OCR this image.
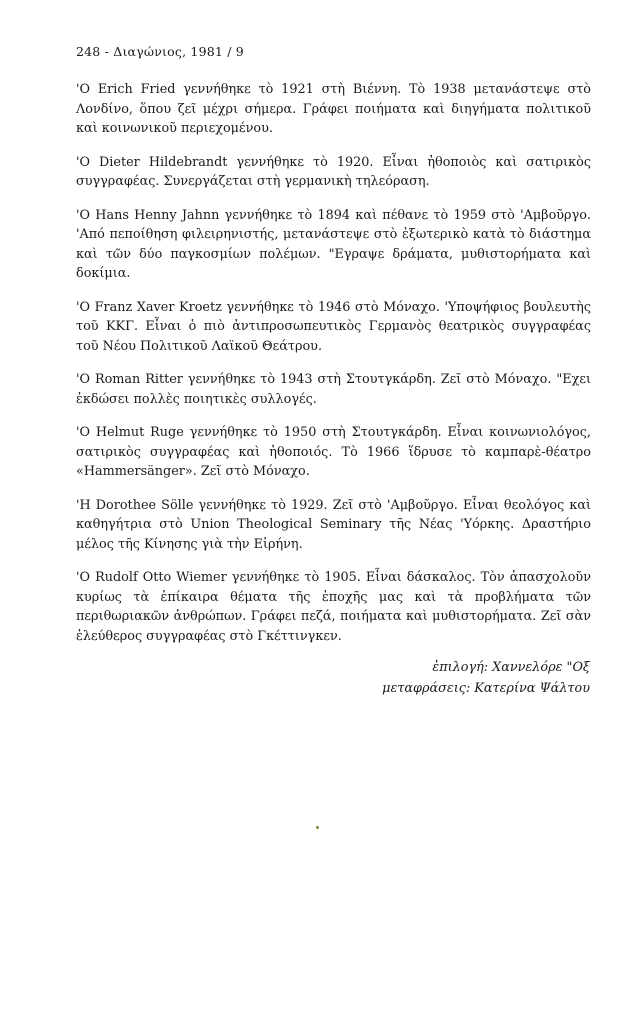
248 - Διαγώνιος, 1981 / 9

'Ο Erich Fried γεννήθηκε τὸ 1921 στὴ Βιέννη. Τὸ 1938 μετανάστεψε στὸ Λονδίνο, ὅπου ζεῖ μέχρι σήμερα. Γράφει ποιήματα καὶ διηγήματα πολιτικοῦ καὶ κοινωνικοῦ περιεχομένου.

'Ο Dieter Hildebrandt γεννήθηκε τὸ 1920. Εἶναι ἠθοποιὸς καὶ σατιρικὸς συγγραφέας. Συνεργάζεται στὴ γερμανικὴ τηλεόραση.

'Ο Hans Henny Jahnn γεννήθηκε τὸ 1894 καὶ πέθανε τὸ 1959 στὸ 'Αμβοῦργο. 'Από πεποίθηση φιλειρηνιστής, μετανάστεψε στὸ ἐξωτερικὸ κατὰ τὸ διάστημα καὶ τῶν δύο παγκοσμίων πολέμων. "Εγραψε δράματα, μυθιστορήματα καὶ δοκίμια.

'Ο Franz Xaver Kroetz γεννήθηκε τὸ 1946 στὸ Μόναχο. 'Υποψήφιος βουλευτὴς τοῦ ΚΚΓ. Εἶναι ὁ πιὸ ἀντιπροσωπευτικὸς Γερμανὸς θεατρικὸς συγγραφέας τοῦ Νέου Πολιτικοῦ Λαϊκοῦ Θεάτρου.

'Ο Roman Ritter γεννήθηκε τὸ 1943 στὴ Στουτγκάρδη. Ζεῖ στὸ Μόναχο. "Εχει ἐκδώσει πολλὲς ποιητικὲς συλλογές.

'Ο Helmut Ruge γεννήθηκε τὸ 1950 στὴ Στουτγκάρδη. Εἶναι κοινωνιολόγος, σατιρικὸς συγγραφέας καὶ ἠθοποιός. Τὸ 1966 ἵδρυσε τὸ καμπαρὲ-θέατρο «Hammersänger». Ζεῖ στὸ Μόναχο.

'Η Dorothee Sölle γεννήθηκε τὸ 1929. Ζεῖ στὸ 'Αμβοῦργο. Εἶναι θεολόγος καὶ καθηγήτρια στὸ Union Theological Seminary τῆς Νέας 'Υόρκης. Δραστήριο μέλος τῆς Κίνησης γιὰ τὴν Εἰρήνη.

'Ο Rudolf Otto Wiemer γεννήθηκε τὸ 1905. Εἶναι δάσκαλος. Τὸν ἀπασχολοῦν κυρίως τὰ ἐπίκαιρα θέματα τῆς ἐποχῆς μας καὶ τὰ προβλήματα τῶν περιθωριακῶν ἀνθρώπων. Γράφει πεζά, ποιήματα καὶ μυθιστορήματα. Ζεῖ σὰν ἐλεύθερος συγγραφέας στὸ Γκέττινγκεν.

ἐπιλογή: Χαννελόρε "Οξ
μεταφράσεις: Κατερίνα Ψάλτου
